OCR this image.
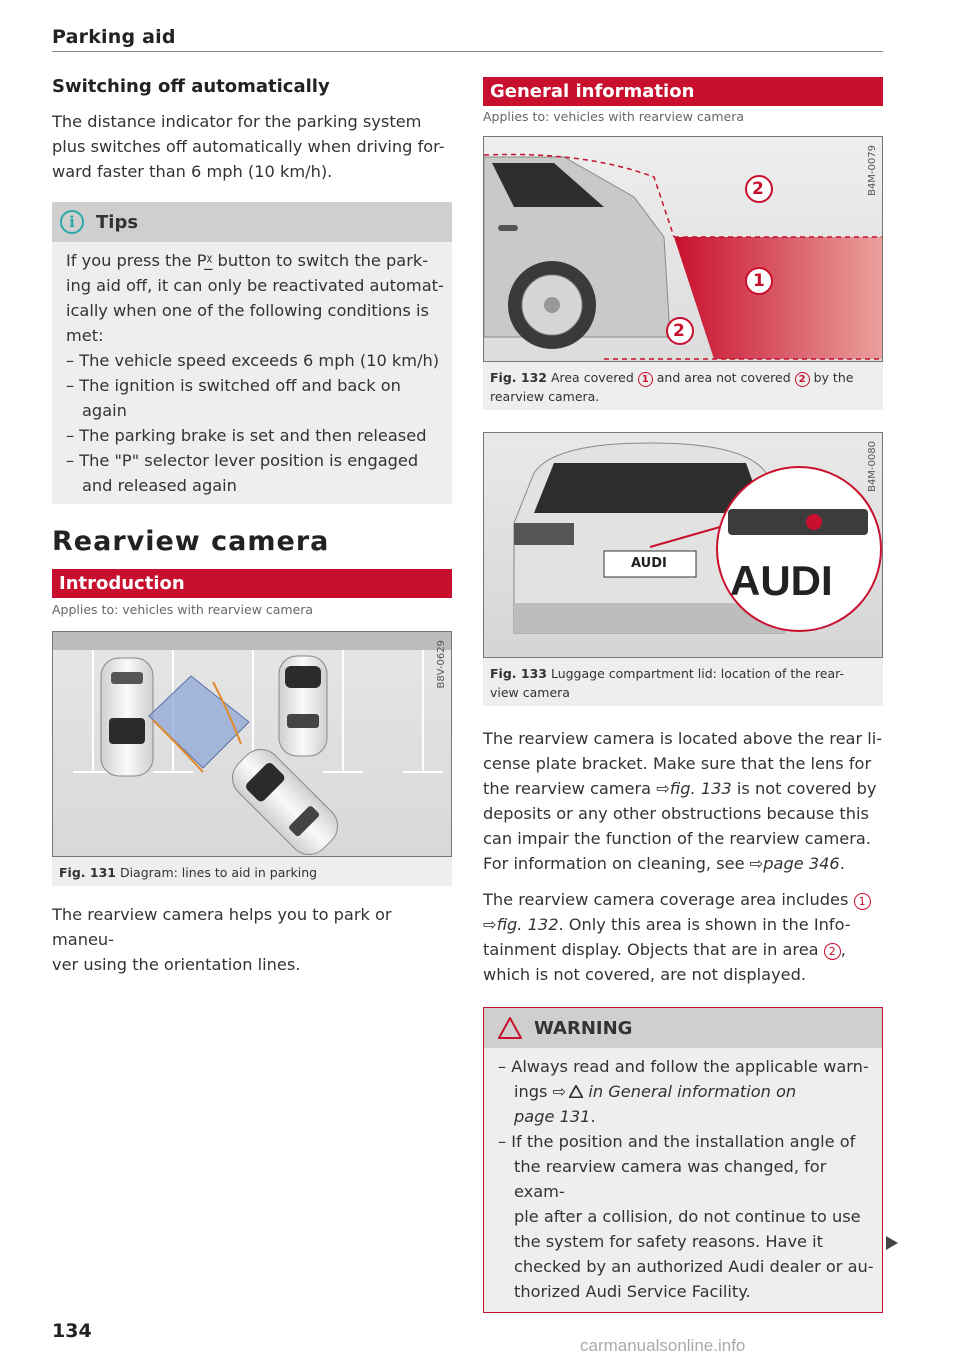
Parking aid
Switching off automatically
The distance indicator for the parking system
plus switches off automatically when driving for-
ward faster than 6 mph (10 km/h).
i	Tips
If you press the Pᵡ̲ button to switch the park-
ing aid off, it can only be reactivated automat-
ically when one of the following conditions is
met:
– The vehicle speed exceeds 6 mph (10 km/h)
– The ignition is switched off and back on
again
– The parking brake is set and then released
– The "P" selector lever position is engaged
and released again
Rearview camera
Introduction
Applies to: vehicles with rearview camera
B8V-0629
Fig. 131 Diagram: lines to aid in parking
The rearview camera helps you to park or maneu-
ver using the orientation lines.
General information
Applies to: vehicles with rearview camera
2
1
2
B4M-0079
Fig. 132 Area covered 1 and area not covered 2 by the
rearview camera.
AUDI AUDI
B4M-0080
Fig. 133 Luggage compartment lid: location of the rear-
view camera
The rearview camera is located above the rear li-
cense plate bracket. Make sure that the lens for
the rearview camera ⇨fig. 133 is not covered by
deposits or any other obstructions because this
can impair the function of the rearview camera.
For information on cleaning, see ⇨page 346.
The rearview camera coverage area includes 1
⇨fig. 132. Only this area is shown in the Info-
tainment display. Objects that are in area 2 ,
which is not covered, are not displayed.
WARNING
– Always read and follow the applicable warn-
ings ⇨ in General information on
page 131.
– If the position and the installation angle of
the rearview camera was changed, for exam-
ple after a collision, do not continue to use
the system for safety reasons. Have it
checked by an authorized Audi dealer or au-
thorized Audi Service Facility.
134
carmanualsonline.info
